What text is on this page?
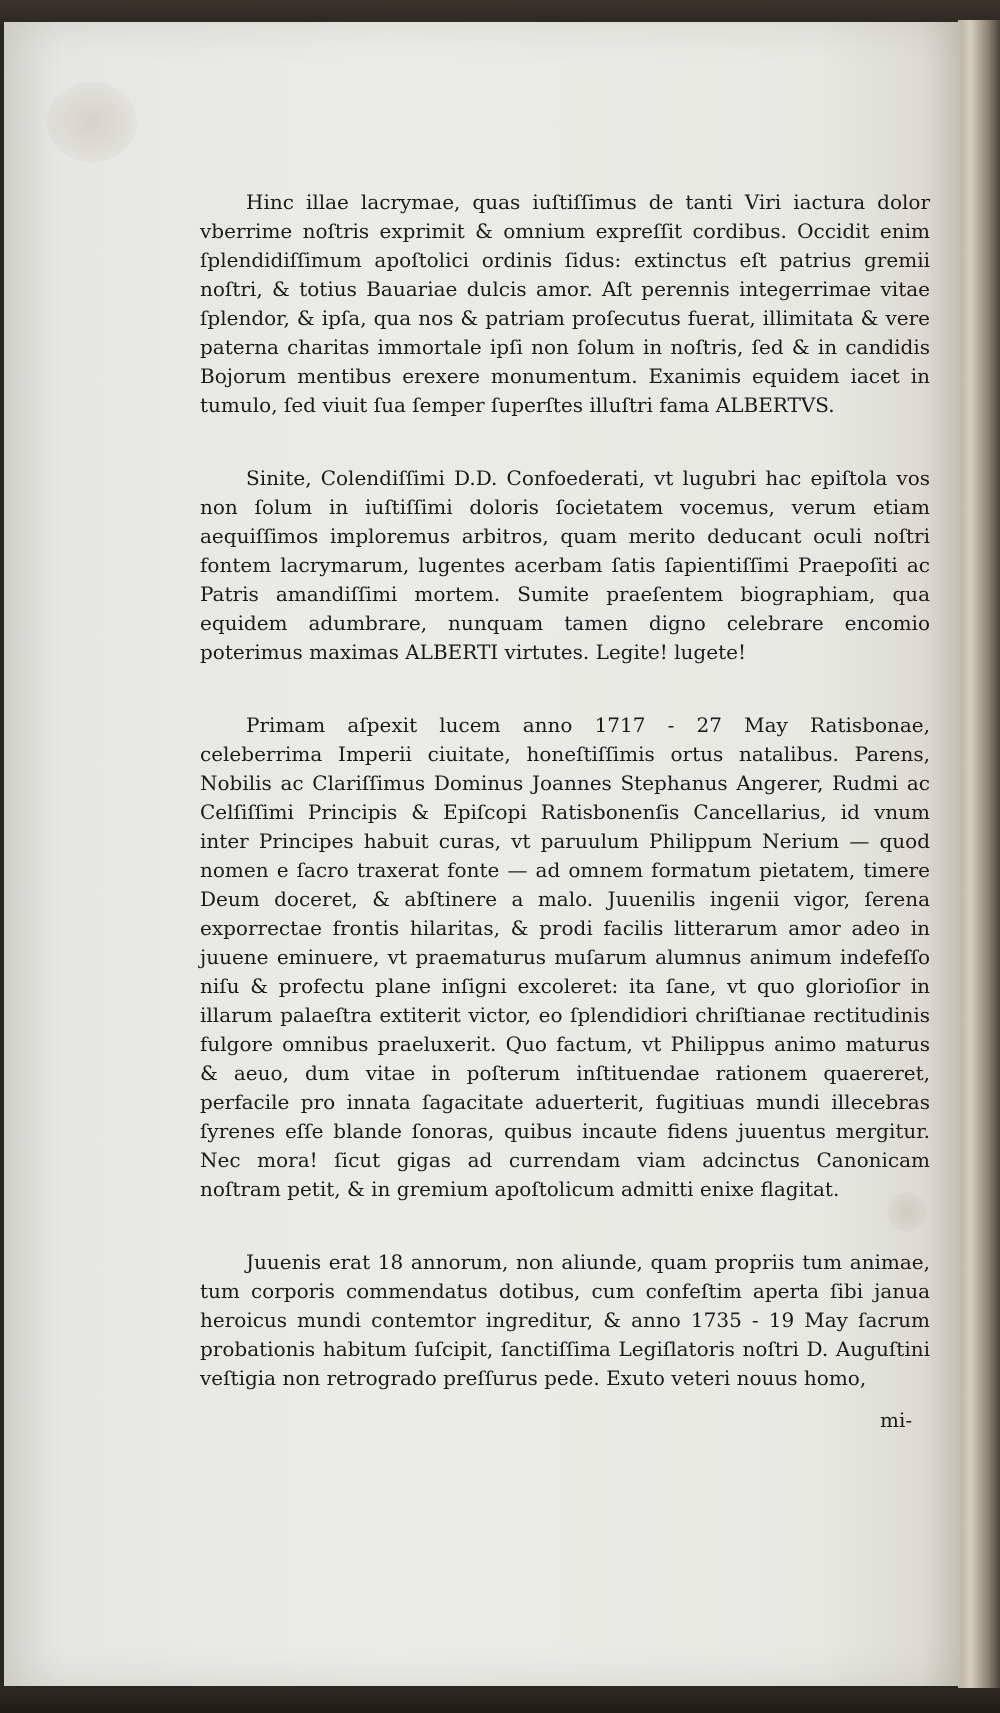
Hinc illae lacrymae, quas iuſtiſſimus de tanti Viri iactura dolor vberrime noſtris exprimit & omnium expreſſit cordibus. Occidit enim ſplendidiſſimum apoſtolici ordinis ſidus: extinctus eſt patrius gremii noſtri, & totius Bauariae dulcis amor. Aſt perennis integerrimae vitae ſplendor, & ipſa, qua nos & patriam proſecutus fuerat, illimitata & vere paterna charitas immortale ipſi non ſolum in noſtris, ſed & in candidis Bojorum mentibus erexere monumentum. Exanimis equidem iacet in tumulo, ſed viuit ſua ſemper ſuperſtes illuſtri fama ALBERTVS.

Sinite, Colendiſſimi D.D. Confoederati, vt lugubri hac epiſtola vos non ſolum in iuſtiſſimi doloris ſocietatem vocemus, verum etiam aequiſſimos imploremus arbitros, quam merito deducant oculi noſtri fontem lacrymarum, lugentes acerbam ſatis ſapientiſſimi Praepoſiti ac Patris amandiſſimi mortem. Sumite praeſentem biographiam, qua equidem adumbrare, nunquam tamen digno celebrare encomio poterimus maximas ALBERTI virtutes. Legite! lugete!

Primam aſpexit lucem anno 1717 - 27 May Ratisbonae, celeberrima Imperii ciuitate, honeſtiſſimis ortus natalibus. Parens, Nobilis ac Clariſſimus Dominus Joannes Stephanus Angerer, Rudmi ac Celſiſſimi Principis & Epiſcopi Ratisbonenſis Cancellarius, id vnum inter Principes habuit curas, vt paruulum Philippum Nerium — quod nomen e ſacro traxerat fonte — ad omnem formatum pietatem, timere Deum doceret, & abſtinere a malo. Juuenilis ingenii vigor, ſerena exporrectae frontis hilaritas, & prodi facilis litterarum amor adeo in juuene eminuere, vt praematurus muſarum alumnus animum indefeſſo niſu & profectu plane inſigni excoleret: ita ſane, vt quo glorioſior in illarum palaeſtra extiterit victor, eo ſplendidiori chriſtianae rectitudinis fulgore omnibus praeluxerit. Quo factum, vt Philippus animo maturus & aeuo, dum vitae in poſterum inſtituendae rationem quaereret, perfacile pro innata ſagacitate aduerterit, fugitiuas mundi illecebras ſyrenes eſſe blande ſonoras, quibus incaute fidens juuentus mergitur. Nec mora! ſicut gigas ad currendam viam adcinctus Canonicam noſtram petit, & in gremium apoſtolicum admitti enixe flagitat.

Juuenis erat 18 annorum, non aliunde, quam propriis tum animae, tum corporis commendatus dotibus, cum confeſtim aperta ſibi janua heroicus mundi contemtor ingreditur, & anno 1735 - 19 May ſacrum probationis habitum ſuſcipit, ſanctiſſima Legiſlatoris noſtri D. Auguſtini veſtigia non retrogrado preſſurus pede. Exuto veteri nouus homo,

mi-
